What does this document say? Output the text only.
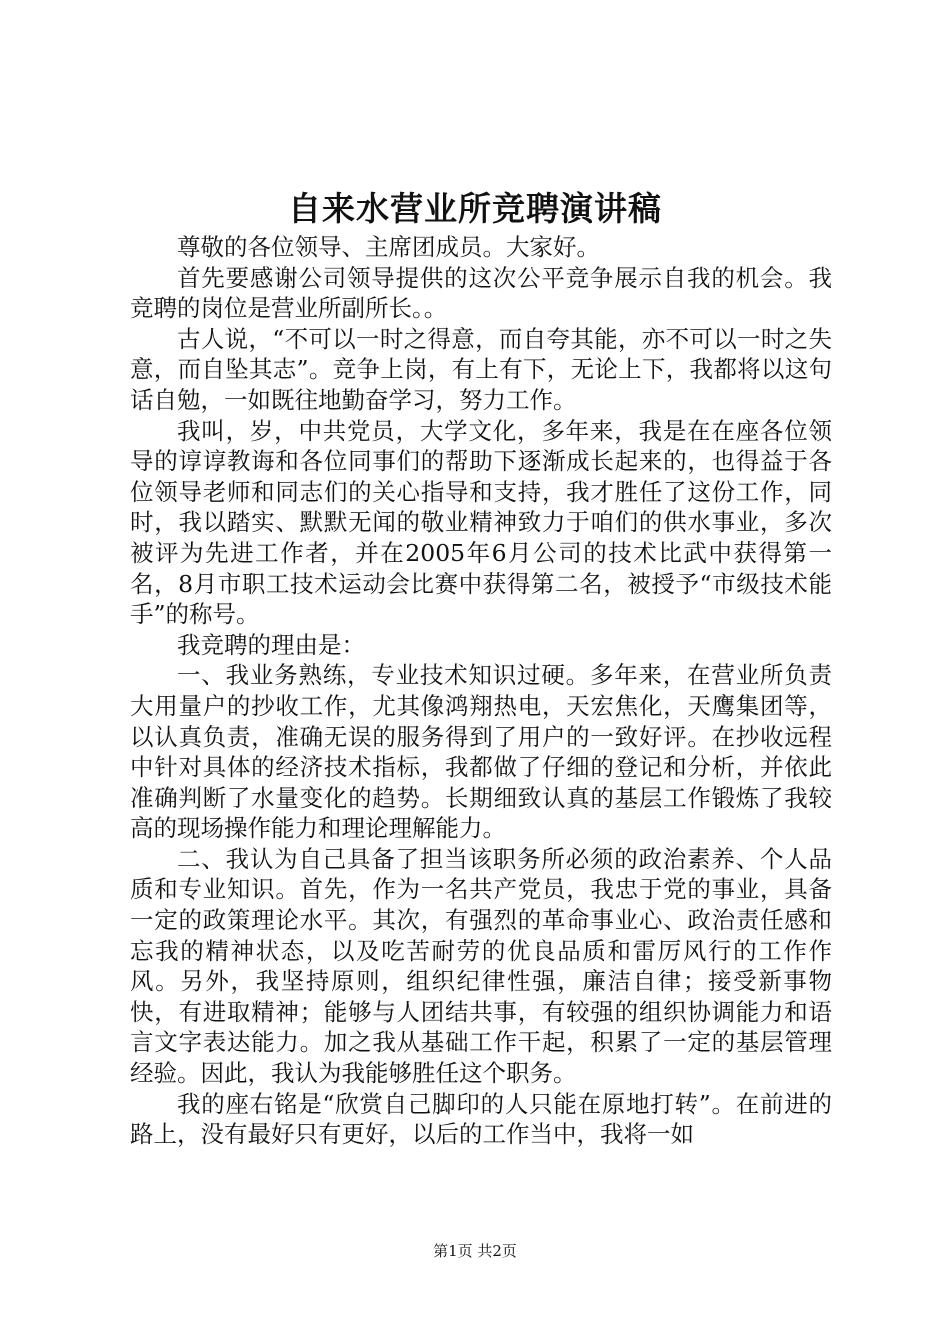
自来水营业所竞聘演讲稿

尊敬的各位领导、主席团成员。大家好。

首先要感谢公司领导提供的这次公平竞争展示自我的机会。我竞聘的岗位是营业所副所长。。

古人说，“不可以一时之得意，而自夸其能，亦不可以一时之失意，而自坠其志”。竞争上岗，有上有下，无论上下，我都将以这句话自勉，一如既往地勤奋学习，努力工作。

我叫，岁，中共党员，大学文化，多年来，我是在在座各位领导的谆谆教诲和各位同事们的帮助下逐渐成长起来的，也得益于各位领导老师和同志们的关心指导和支持，我才胜任了这份工作，同时，我以踏实、默默无闻的敬业精神致力于咱们的供水事业，多次被评为先进工作者，并在2005年6月公司的技术比武中获得第一名，8月市职工技术运动会比赛中获得第二名，被授予“市级技术能手”的称号。

我竞聘的理由是：

一、我业务熟练，专业技术知识过硬。多年来，在营业所负责大用量户的抄收工作，尤其像鸿翔热电，天宏焦化，天鹰集团等，以认真负责，准确无误的服务得到了用户的一致好评。在抄收远程中针对具体的经济技术指标，我都做了仔细的登记和分析，并依此准确判断了水量变化的趋势。长期细致认真的基层工作锻炼了我较高的现场操作能力和理论理解能力。

二、我认为自己具备了担当该职务所必须的政治素养、个人品质和专业知识。首先，作为一名共产党员，我忠于党的事业，具备一定的政策理论水平。其次，有强烈的革命事业心、政治责任感和忘我的精神状态，以及吃苦耐劳的优良品质和雷厉风行的工作作风。另外，我坚持原则，组织纪律性强，廉洁自律；接受新事物快，有进取精神；能够与人团结共事，有较强的组织协调能力和语言文字表达能力。加之我从基础工作干起，积累了一定的基层管理经验。因此，我认为我能够胜任这个职务。

我的座右铭是“欣赏自己脚印的人只能在原地打转”。在前进的路上，没有最好只有更好，以后的工作当中，我将一如

第1页 共2页
